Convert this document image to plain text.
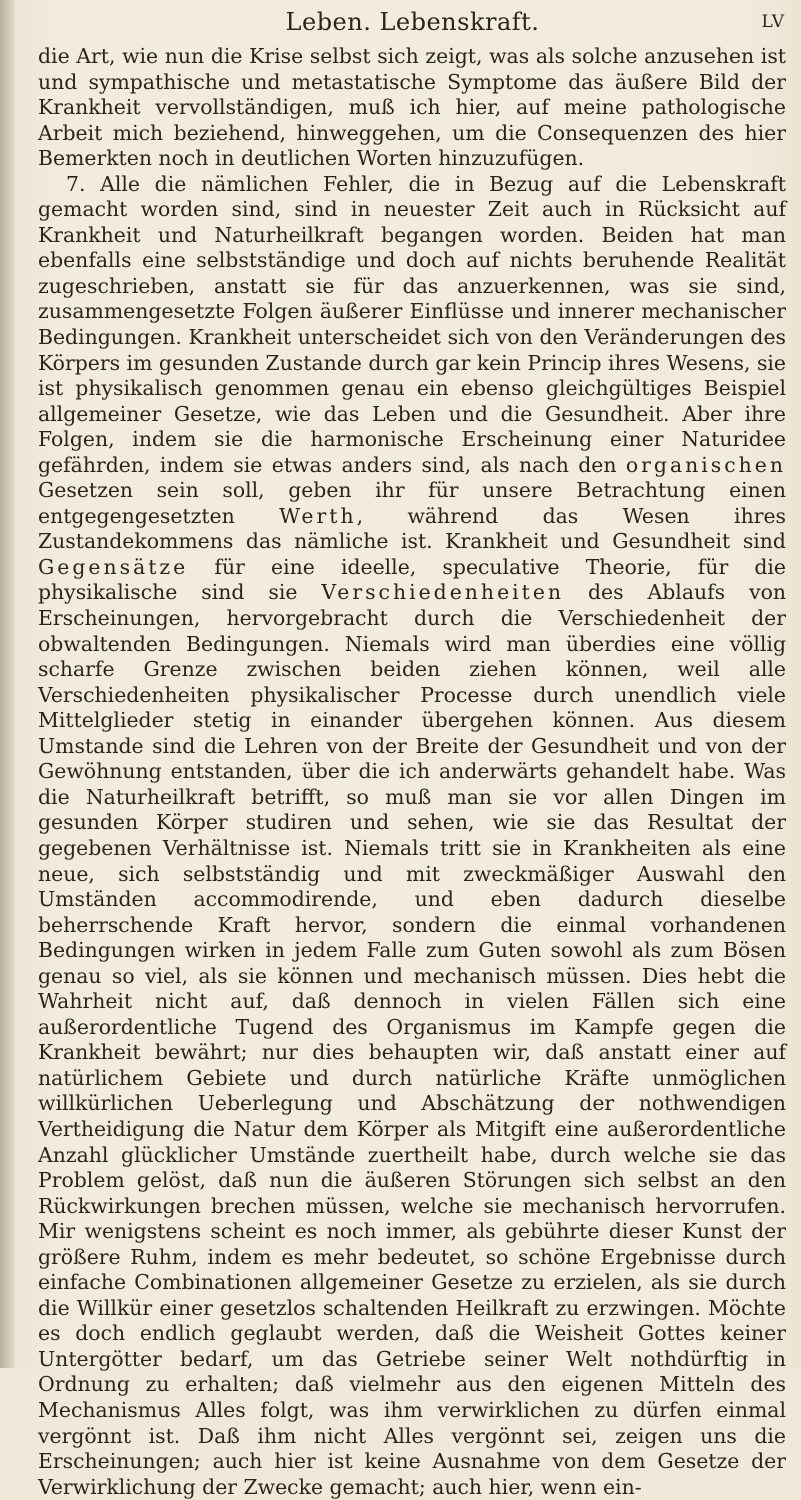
Leben. Lebenskraft.	LV

die Art, wie nun die Krise selbst sich zeigt, was als solche anzusehen ist und sympathische und metastatische Symptome das äußere Bild der Krankheit vervollständigen, muß ich hier, auf meine pathologische Arbeit mich beziehend, hinweggehen, um die Consequenzen des hier Bemerkten noch in deutlichen Worten hinzuzufügen.

7. Alle die nämlichen Fehler, die in Bezug auf die Lebenskraft gemacht worden sind, sind in neuester Zeit auch in Rücksicht auf Krankheit und Naturheilkraft begangen worden. Beiden hat man ebenfalls eine selbstständige und doch auf nichts beruhende Realität zugeschrieben, anstatt sie für das anzuerkennen, was sie sind, zusammengesetzte Folgen äußerer Einflüsse und innerer mechanischer Bedingungen. Krankheit unterscheidet sich von den Veränderungen des Körpers im gesunden Zustande durch gar kein Princip ihres Wesens, sie ist physikalisch genommen genau ein ebenso gleichgültiges Beispiel allgemeiner Gesetze, wie das Leben und die Gesundheit. Aber ihre Folgen, indem sie die harmonische Erscheinung einer Naturidee gefährden, indem sie etwas anders sind, als nach den organischen Gesetzen sein soll, geben ihr für unsere Betrachtung einen entgegengesetzten Werth, während das Wesen ihres Zustandekommens das nämliche ist. Krankheit und Gesundheit sind Gegensätze für eine ideelle, speculative Theorie, für die physikalische sind sie Verschiedenheiten des Ablaufs von Erscheinungen, hervorgebracht durch die Verschiedenheit der obwaltenden Bedingungen. Niemals wird man überdies eine völlig scharfe Grenze zwischen beiden ziehen können, weil alle Verschiedenheiten physikalischer Processe durch unendlich viele Mittelglieder stetig in einander übergehen können. Aus diesem Umstande sind die Lehren von der Breite der Gesundheit und von der Gewöhnung entstanden, über die ich anderwärts gehandelt habe. Was die Naturheilkraft betrifft, so muß man sie vor allen Dingen im gesunden Körper studiren und sehen, wie sie das Resultat der gegebenen Verhältnisse ist. Niemals tritt sie in Krankheiten als eine neue, sich selbstständig und mit zweckmäßiger Auswahl den Umständen accommodirende, und eben dadurch dieselbe beherrschende Kraft hervor, sondern die einmal vorhandenen Bedingungen wirken in jedem Falle zum Guten sowohl als zum Bösen genau so viel, als sie können und mechanisch müssen. Dies hebt die Wahrheit nicht auf, daß dennoch in vielen Fällen sich eine außerordentliche Tugend des Organismus im Kampfe gegen die Krankheit bewährt; nur dies behaupten wir, daß anstatt einer auf natürlichem Gebiete und durch natürliche Kräfte unmöglichen willkürlichen Ueberlegung und Abschätzung der nothwendigen Vertheidigung die Natur dem Körper als Mitgift eine außerordentliche Anzahl glücklicher Umstände zuertheilt habe, durch welche sie das Problem gelöst, daß nun die äußeren Störungen sich selbst an den Rückwirkungen brechen müssen, welche sie mechanisch hervorrufen. Mir wenigstens scheint es noch immer, als gebührte dieser Kunst der größere Ruhm, indem es mehr bedeutet, so schöne Ergebnisse durch einfache Combinationen allgemeiner Gesetze zu erzielen, als sie durch die Willkür einer gesetzlos schaltenden Heilkraft zu erzwingen. Möchte es doch endlich geglaubt werden, daß die Weisheit Gottes keiner Untergötter bedarf, um das Getriebe seiner Welt nothdürftig in Ordnung zu erhalten; daß vielmehr aus den eigenen Mitteln des Mechanismus Alles folgt, was ihm verwirklichen zu dürfen einmal vergönnt ist. Daß ihm nicht Alles vergönnt sei, zeigen uns die Erscheinungen; auch hier ist keine Ausnahme von dem Gesetze der Verwirklichung der Zwecke gemacht; auch hier, wenn ein-
